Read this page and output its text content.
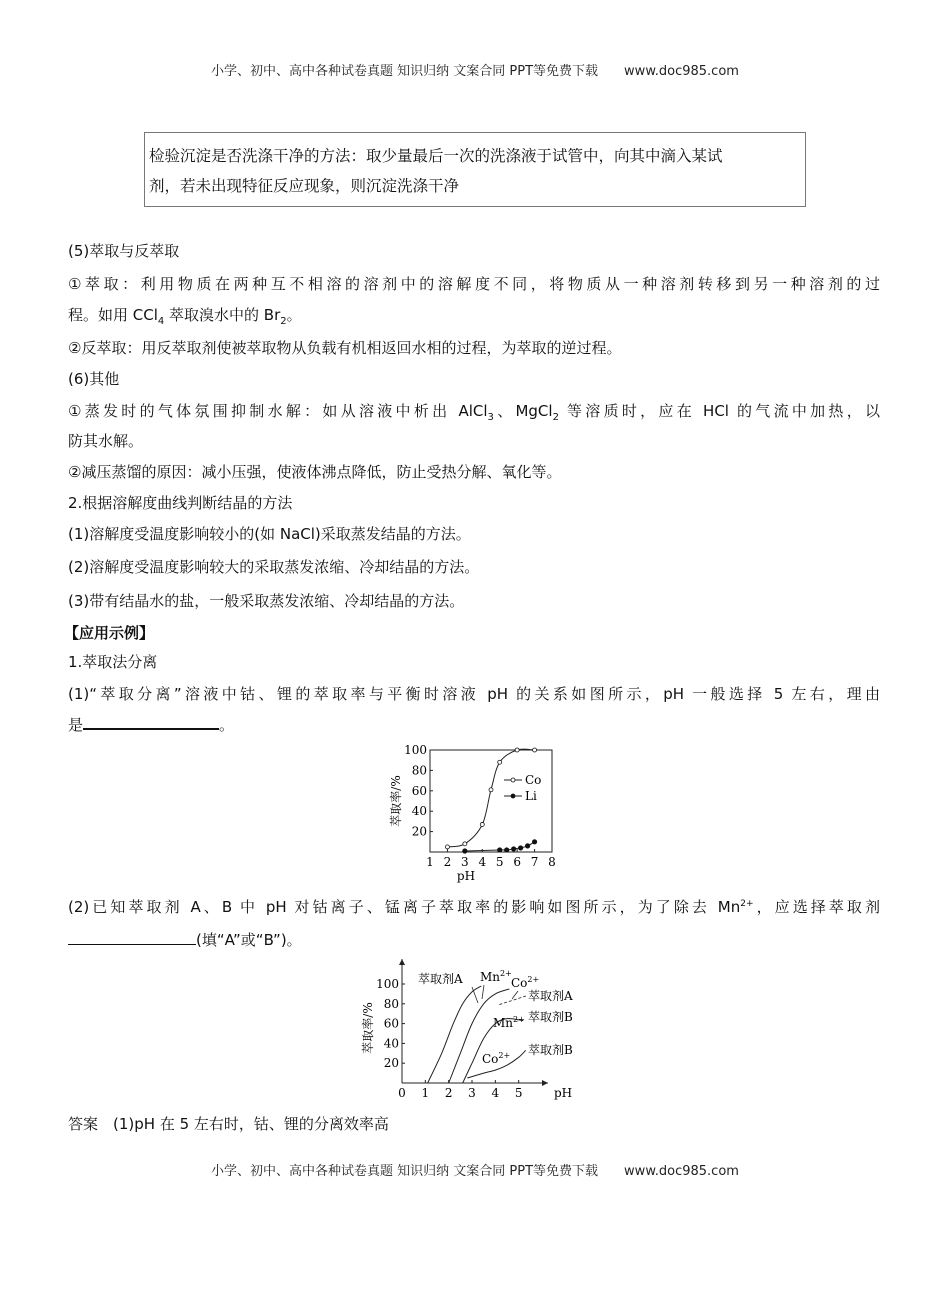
小学、初中、高中各种试卷真题 知识归纳 文案合同 PPT等免费下载　　www.doc985.com
检验沉淀是否洗涤干净的方法：取少量最后一次的洗涤液于试管中，向其中滴入某试
剂，若未出现特征反应现象，则沉淀洗涤干净
(5)萃取与反萃取
①萃取：利用物质在两种互不相溶的溶剂中的溶解度不同，将物质从一种溶剂转移到另一种溶剂的过
程。如用 CCl$_4$ 萃取溴水中的 $Br_2$。
②反萃取：用反萃取剂使被萃取物从负载有机相返回水相的过程，为萃取的逆过程。
(6)其他
①蒸发时的气体氛围抑制水解：如从溶液中析出 AlCl$_3$、MgCl$_2$ 等溶质时，应在 HCl 的气流中加热，以
防其水解。
②减压蒸馏的原因：减小压强，使液体沸点降低，防止受热分解、氧化等。
2.根据溶解度曲线判断结晶的方法
(1)溶解度受温度影响较小的(如 NaCl)采取蒸发结晶的方法。
(2)溶解度受温度影响较大的采取蒸发浓缩、冷却结晶的方法。
(3)带有结晶水的盐，一般采取蒸发浓缩、冷却结晶的方法。
【应用示例】
1.萃取法分离
(1)“萃取分离”溶液中钴、锂的萃取率与平衡时溶液 pH 的关系如图所示，pH 一般选择 5 左右，理由
是	。
1 2 3 4 5 6 7 8
20
40
60
80
100
pH
萃取率/%	Co
Li
(2)已知萃取剂 A、B 中 pH 对钴离子、锰离子萃取率的影响如图所示，为了除去 $Mn^{2+}$，应选择萃取剂
(填“A”或“B”)。
0 1 2 3 4 5	pH
20
40
60
80
100
萃取率/%
萃取剂A $Mn^{2+}$
$Co^{2+}$
萃取剂A
$Mn^{2+}$ 萃取剂B
$Co^{2+}$ 萃取剂B
答案　(1)pH 在 5 左右时，钴、锂的分离效率高
小学、初中、高中各种试卷真题 知识归纳 文案合同 PPT等免费下载　　www.doc985.com
